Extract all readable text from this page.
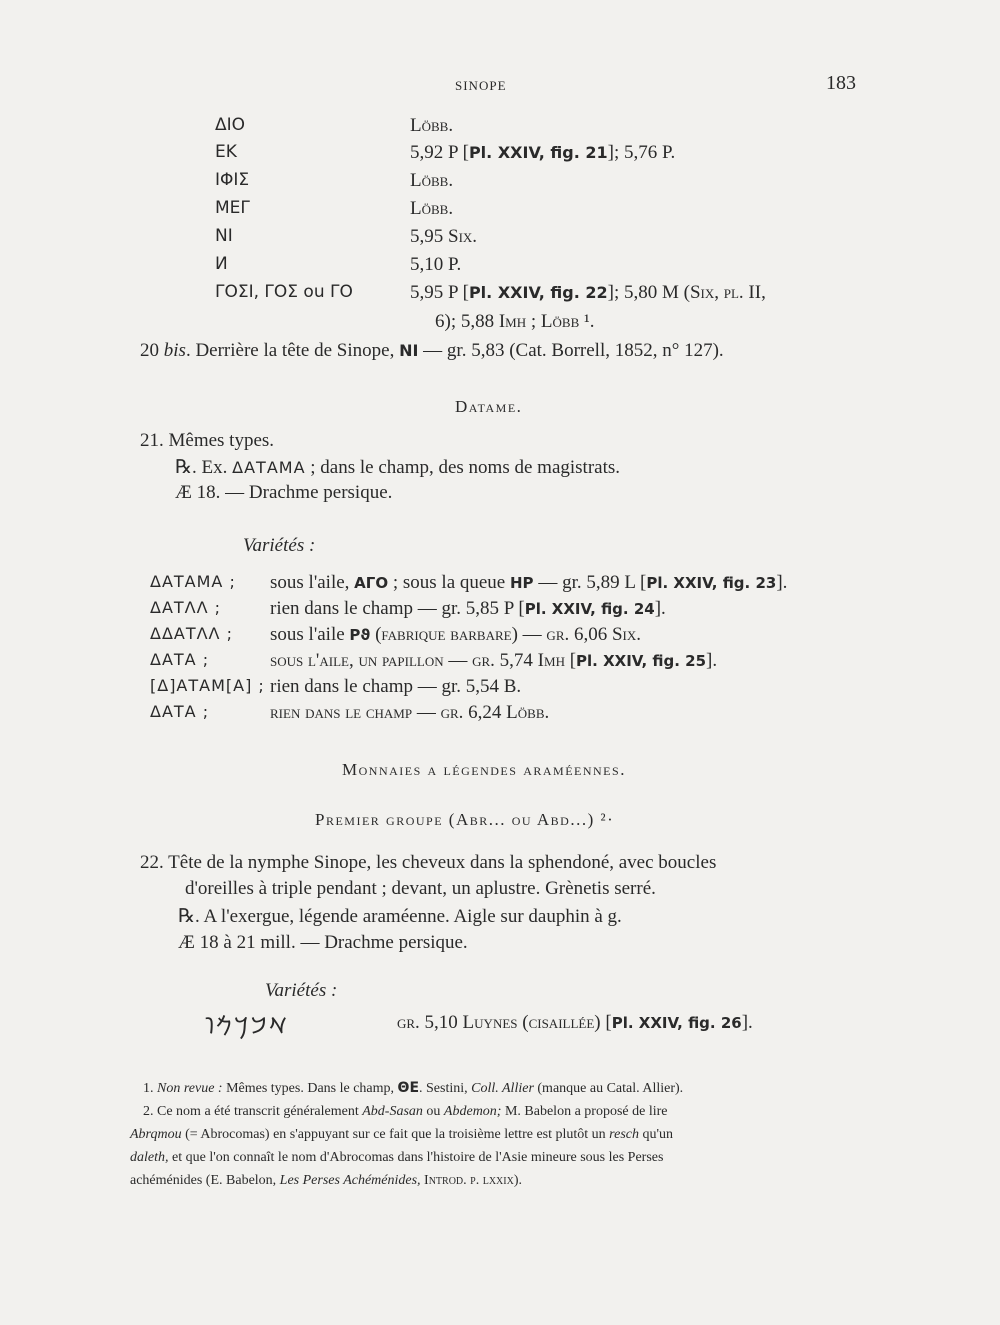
SINOPE	183
ΔΙΟ	Löbb.
ΕΚ	5,92 P [Pl. XXIV, fig. 21]; 5,76 P.
ΙΦΙΣ	Löbb.
ΜΕΓ	Löbb.
ΝΙ	5,95 Six.
И	5,10 P.
ΓΟΣΙ, ΓΟΣ ou ΓΟ	5,95 P [Pl. XXIV, fig. 22]; 5,80 M (Six, pl. II,
6); 5,88 Imh ; Löbb ¹.
20 bis. Derrière la tête de Sinope, ΝΙ — gr. 5,83 (Cat. Borrell, 1852, n° 127).
Datame.
21. Mêmes types.
℞. Ex. ΔΑΤΑΜΑ ; dans le champ, des noms de magistrats.
Æ 18. — Drachme persique.
Variétés :
ΔΑΤΑΜΑ ; sous l'aile, ΑΓΟ ; sous la queue ΗΡ — gr. 5,89 L [Pl. XXIV, fig. 23].
ΔΑΤΛΛ ;	rien dans le champ — gr. 5,85 P [Pl. XXIV, fig. 24].
ΔΔΑΤΛΛ ; sous l'aile Ρϑ (fabrique barbare) — gr. 6,06 Six.
ΔΑΤΑ ;	sous l'aile, un papillon — gr. 5,74 Imh [Pl. XXIV, fig. 25].
[Δ]ΑΤΑΜ[Α] ; rien dans le champ — gr. 5,54 B.
ΔΑΤΑ ;	rien dans le champ — gr. 6,24 Löbb.
Monnaies a légendes araméennes.
Premier groupe (Abr... ou Abd...) ²·
22. Tête de la nymphe Sinope, les cheveux dans la sphendoné, avec boucles
d'oreilles à triple pendant ; devant, un aplustre. Grènetis serré.
℞. A l'exergue, légende araméenne. Aigle sur dauphin à g.
Æ 18 à 21 mill. — Drachme persique.
Variétés :
𐡀𐡁𐡓𐡌𐡅	gr. 5,10 Luynes (cisaillée) [Pl. XXIV, fig. 26].
1. Non revue : Mêmes types. Dans le champ, ΘΕ. Sestini, Coll. Allier (manque au Catal. Allier).
2. Ce nom a été transcrit généralement Abd-Sasan ou Abdemon; M. Babelon a proposé de lire
Abrqmou (= Abrocomas) en s'appuyant sur ce fait que la troisième lettre est plutôt un resch qu'un
daleth, et que l'on connaît le nom d'Abrocomas dans l'histoire de l'Asie mineure sous les Perses
achéménides (E. Babelon, Les Perses Achéménides, Introd. p. lxxix).
